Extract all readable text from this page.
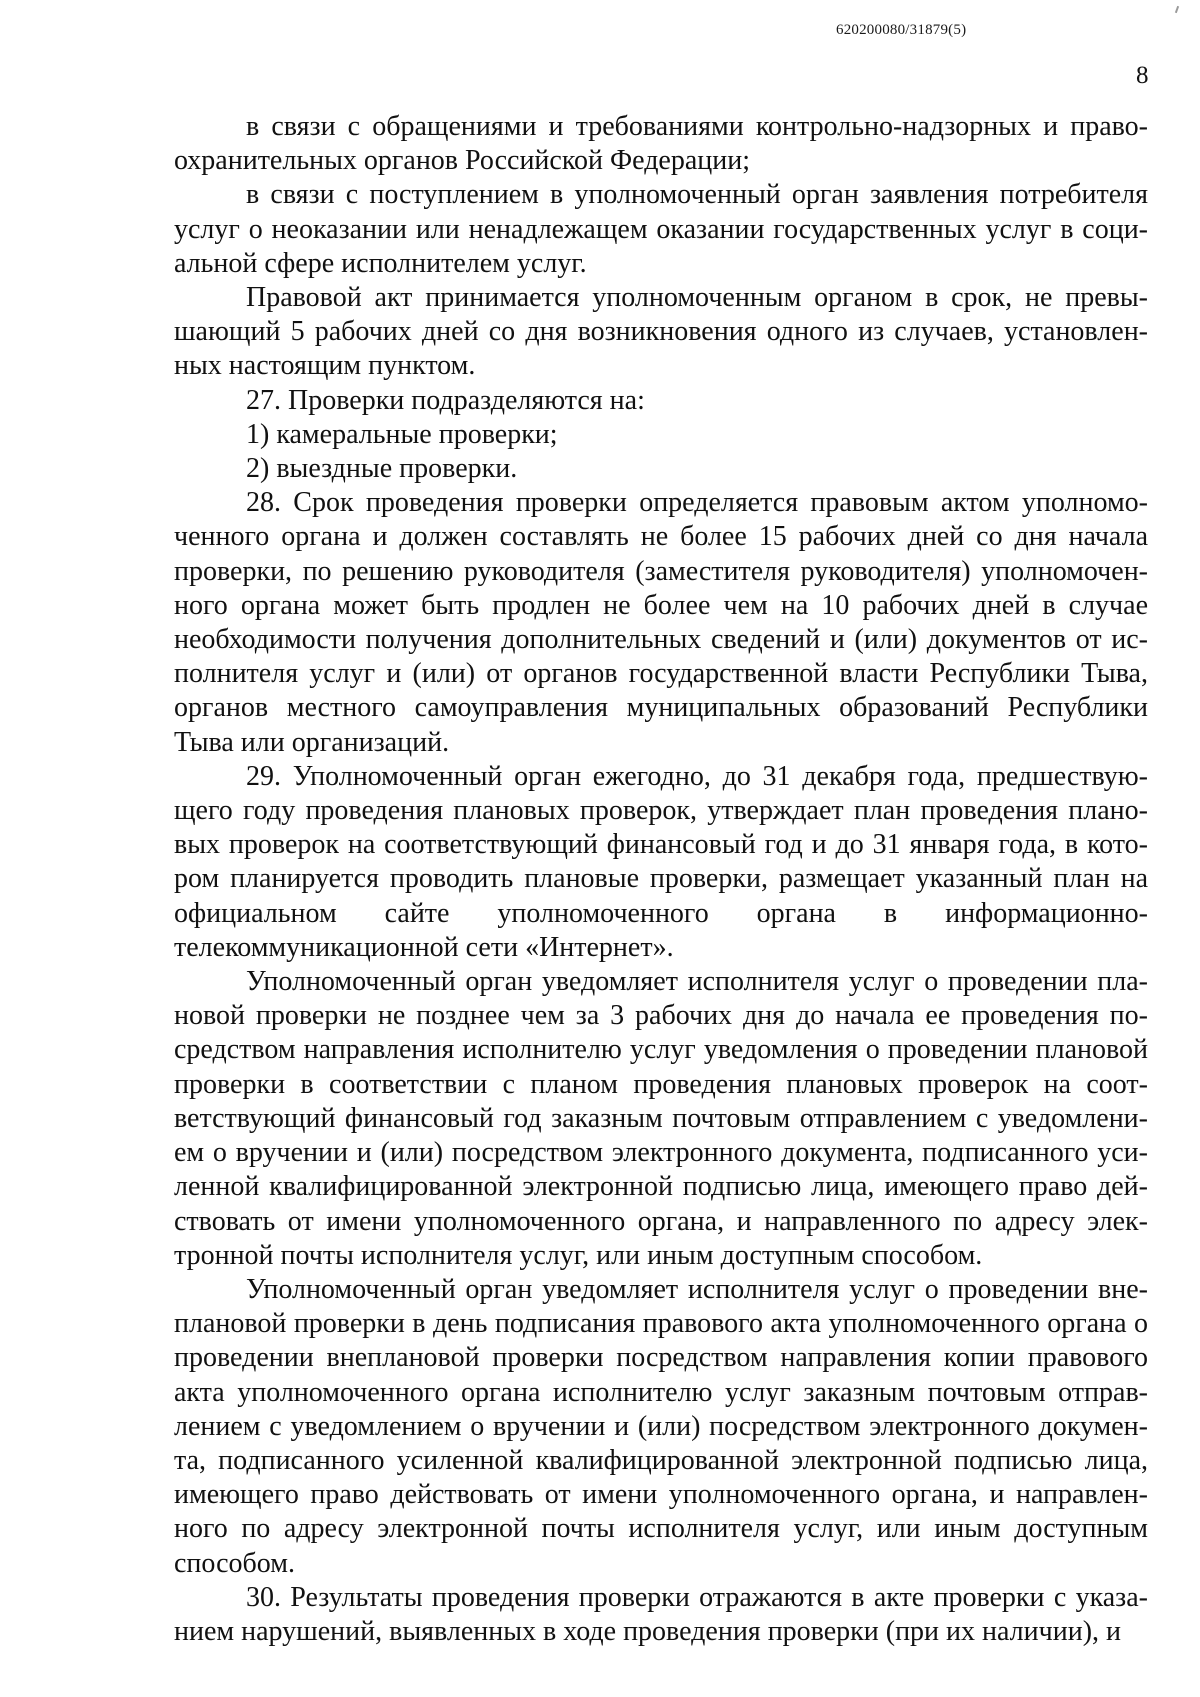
620200080/31879(5)
8

в связи с обращениями и требованиями контрольно-надзорных и правоохранительных органов Российской Федерации;

в связи с поступлением в уполномоченный орган заявления потребителя услуг о неоказании или ненадлежащем оказании государственных услуг в социальной сфере исполнителем услуг.

Правовой акт принимается уполномоченным органом в срок, не превышающий 5 рабочих дней со дня возникновения одного из случаев, установленных настоящим пунктом.

27. Проверки подразделяются на:

1) камеральные проверки;

2) выездные проверки.

28. Срок проведения проверки определяется правовым актом уполномоченного органа и должен составлять не более 15 рабочих дней со дня начала проверки, по решению руководителя (заместителя руководителя) уполномоченного органа может быть продлен не более чем на 10 рабочих дней в случае необходимости получения дополнительных сведений и (или) документов от исполнителя услуг и (или) от органов государственной власти Республики Тыва, органов местного самоуправления муниципальных образований Республики Тыва или организаций.

29. Уполномоченный орган ежегодно, до 31 декабря года, предшествующего году проведения плановых проверок, утверждает план проведения плановых проверок на соответствующий финансовый год и до 31 января года, в котором планируется проводить плановые проверки, размещает указанный план на официальном сайте уполномоченного органа в информационно-телекоммуникационной сети «Интернет».

Уполномоченный орган уведомляет исполнителя услуг о проведении плановой проверки не позднее чем за 3 рабочих дня до начала ее проведения посредством направления исполнителю услуг уведомления о проведении плановой проверки в соответствии с планом проведения плановых проверок на соответствующий финансовый год заказным почтовым отправлением с уведомлением о вручении и (или) посредством электронного документа, подписанного усиленной квалифицированной электронной подписью лица, имеющего право действовать от имени уполномоченного органа, и направленного по адресу электронной почты исполнителя услуг, или иным доступным способом.

Уполномоченный орган уведомляет исполнителя услуг о проведении внеплановой проверки в день подписания правового акта уполномоченного органа о проведении внеплановой проверки посредством направления копии правового акта уполномоченного органа исполнителю услуг заказным почтовым отправлением с уведомлением о вручении и (или) посредством электронного документа, подписанного усиленной квалифицированной электронной подписью лица, имеющего право действовать от имени уполномоченного органа, и направленного по адресу электронной почты исполнителя услуг, или иным доступным способом.

30. Результаты проведения проверки отражаются в акте проверки с указанием нарушений, выявленных в ходе проведения проверки (при их наличии), и
